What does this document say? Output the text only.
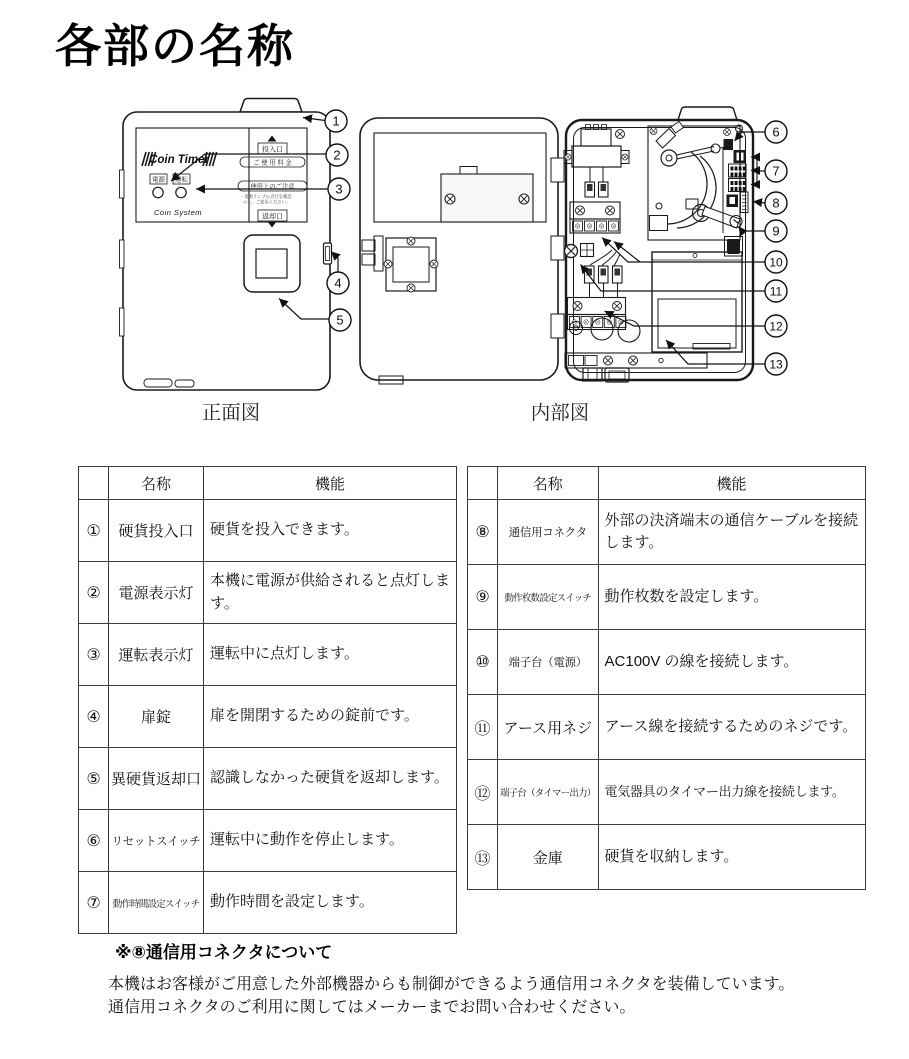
各部の名称
Coin Timer
電源 運転
Coin System
投入口
ご 使 用 料 金
使用上のご注意
・電源ランプの点灯を確認
の上、ご使用ください。
返却口
1
2
3
4
5
6
7
8
9
10
11
12
13
正面図	内部図
	名称	機能
①	硬貨投入口	硬貨を投入できます。
②	電源表示灯	本機に電源が供給されると点灯します。
③	運転表示灯	運転中に点灯します。
④	扉錠	扉を開閉するための錠前です。
⑤	異硬貨返却口	認識しなかった硬貨を返却します。
⑥	リセットスイッチ	運転中に動作を停止します。
⑦	動作時間設定スイッチ	動作時間を設定します。
	名称	機能
⑧	通信用コネクタ	外部の決済端末の通信ケーブルを接続します。
⑨	動作枚数設定スイッチ	動作枚数を設定します。
⑩	端子台（電源）	AC100V の線を接続します。
⑪	アース用ネジ	アース線を接続するためのネジです。
⑫	端子台（タイマー出力）	電気器具のタイマー出力線を接続します。
⑬	金庫	硬貨を収納します。
※⑧通信用コネクタについて
本機はお客様がご用意した外部機器からも制御ができるよう通信用コネクタを装備しています。
通信用コネクタのご利用に関してはメーカーまでお問い合わせください。
